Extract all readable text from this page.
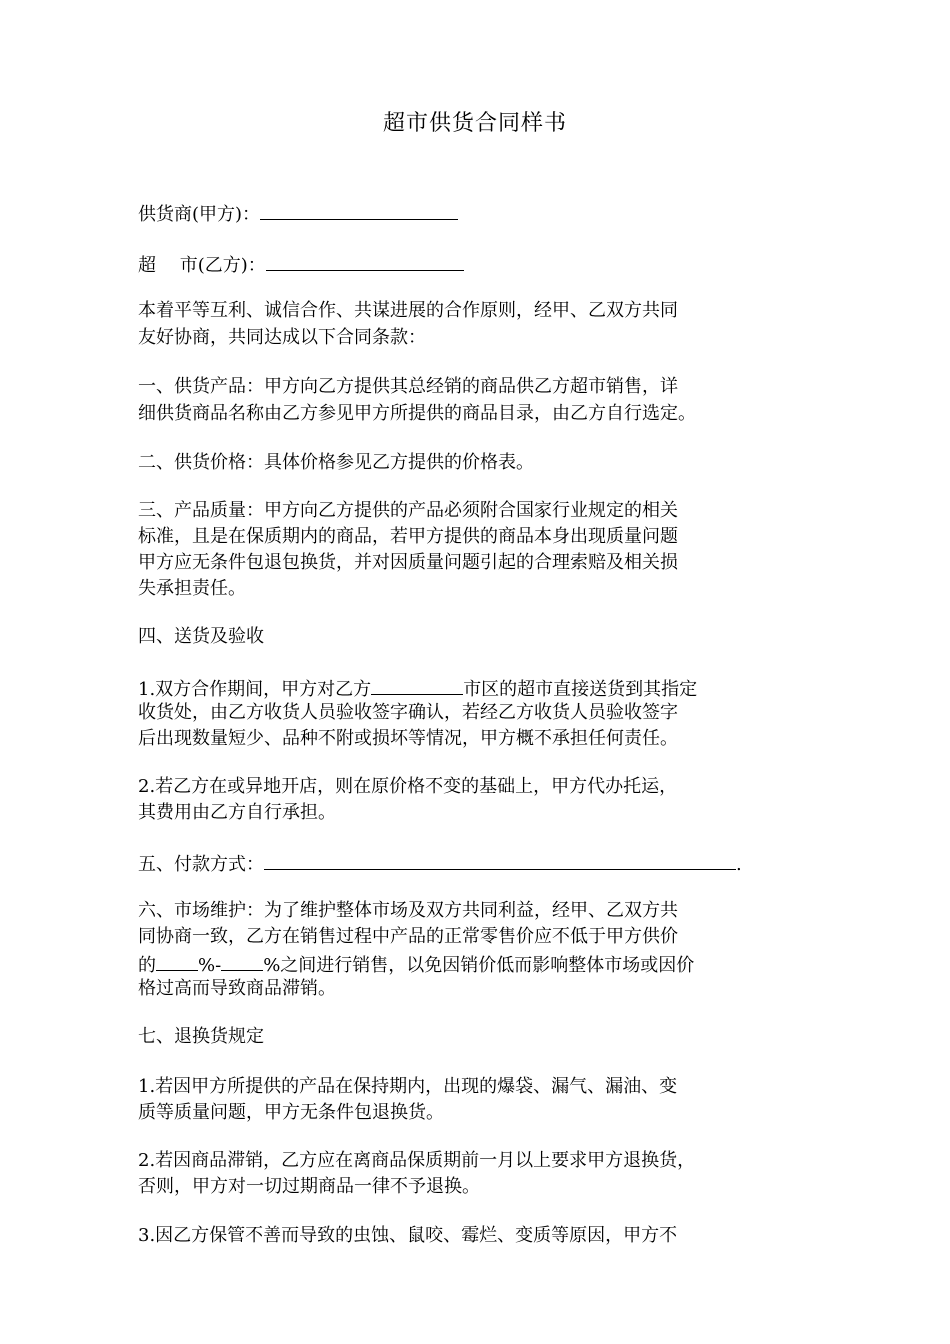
超市供货合同样书
供货商(甲方)：
超　 市(乙方)：
本着平等互利、诚信合作、共谋进展的合作原则，经甲、乙双方共同
友好协商，共同达成以下合同条款：
一、供货产品：甲方向乙方提供其总经销的商品供乙方超市销售，详
细供货商品名称由乙方参见甲方所提供的商品目录，由乙方自行选定。
二、供货价格：具体价格参见乙方提供的价格表。
三、产品质量：甲方向乙方提供的产品必须附合国家行业规定的相关
标准，且是在保质期内的商品，若甲方提供的商品本身出现质量问题
甲方应无条件包退包换货，并对因质量问题引起的合理索赔及相关损
失承担责任。
四、送货及验收
1.双方合作期间，甲方对乙方	市区的超市直接送货到其指定
收货处，由乙方收货人员验收签字确认，若经乙方收货人员验收签字
后出现数量短少、品种不附或损坏等情况，甲方概不承担任何责任。
2.若乙方在或异地开店，则在原价格不变的基础上，甲方代办托运，
其费用由乙方自行承担。
五、付款方式：	.
六、市场维护：为了维护整体市场及双方共同利益，经甲、乙双方共
同协商一致，乙方在销售过程中产品的正常零售价应不低于甲方供价
的 %- %之间进行销售，以免因销价低而影响整体市场或因价
格过高而导致商品滞销。
七、退换货规定
1.若因甲方所提供的产品在保持期内，出现的爆袋、漏气、漏油、变
质等质量问题，甲方无条件包退换货。
2.若因商品滞销，乙方应在离商品保质期前一月以上要求甲方退换货，
否则，甲方对一切过期商品一律不予退换。
3.因乙方保管不善而导致的虫蚀、鼠咬、霉烂、变质等原因，甲方不
